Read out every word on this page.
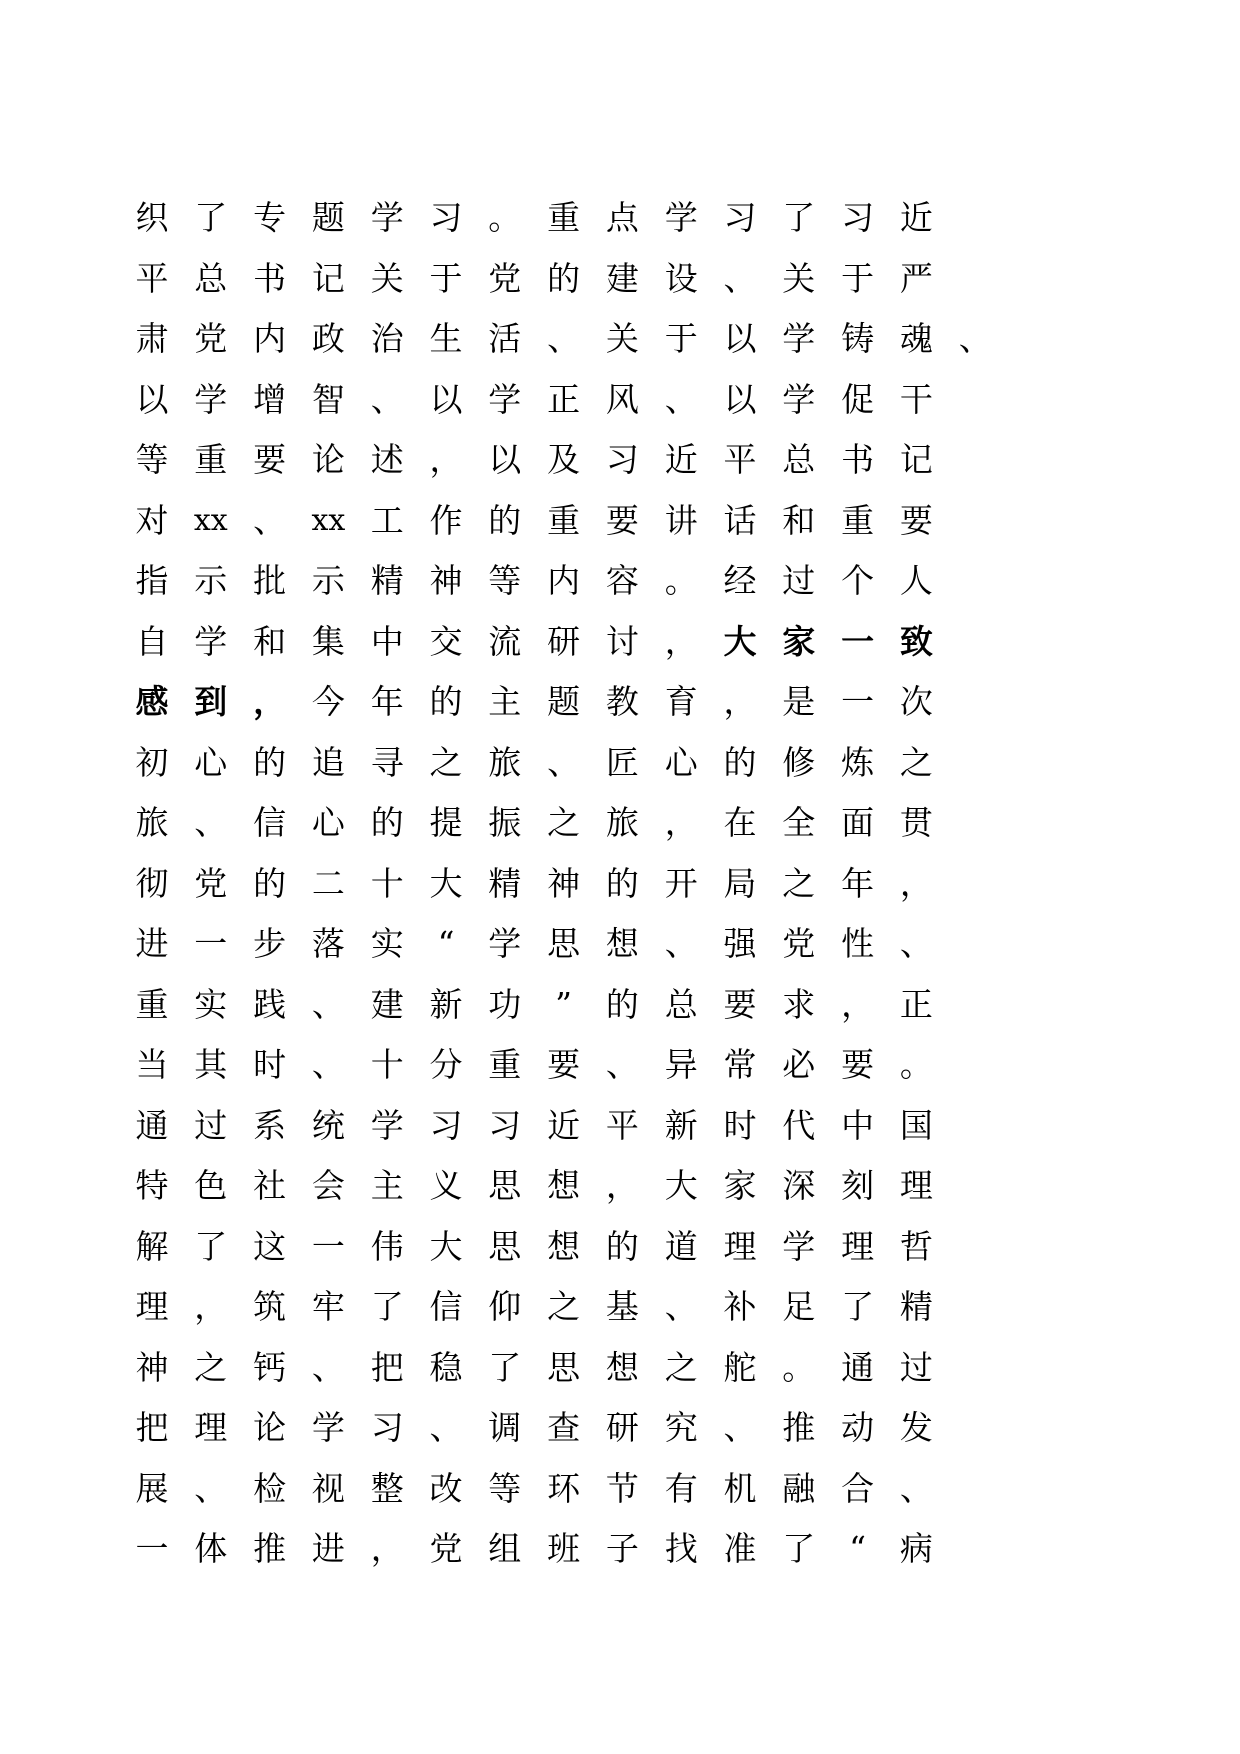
织 了 专 题 学 习 。 重 点 学 习 了 习 近
平 总 书 记 关 于 党 的 建 设 、 关 于 严
肃 党 内 政 治 生 活 、 关 于 以 学 铸 魂 、
以 学 增 智 、 以 学 正 风 、 以 学 促 干
等 重 要 论 述 ， 以 及 习 近 平 总 书 记
对 xx 、 xx 工 作 的 重 要 讲 话 和 重 要
指 示 批 示 精 神 等 内 容 。 经 过 个 人
自 学 和 集 中 交 流 研 讨 ， 大 家 一 致
感 到 ， 今 年 的 主 题 教 育 ， 是 一 次
初 心 的 追 寻 之 旅 、 匠 心 的 修 炼 之
旅 、 信 心 的 提 振 之 旅 ， 在 全 面 贯
彻 党 的 二 十 大 精 神 的 开 局 之 年 ，
进 一 步 落 实	“	学 思 想 、 强 党 性 、
重 实 践 、 建 新 功	”	的 总 要 求 ， 正
当 其 时 、 十 分 重 要 、 异 常 必 要 。
通 过 系 统 学 习 习 近 平 新 时 代 中 国
特 色 社 会 主 义 思 想 ， 大 家 深 刻 理
解 了 这 一 伟 大 思 想 的 道 理 学 理 哲
理 ， 筑 牢 了 信 仰 之 基 、 补 足 了 精
神 之 钙 、 把 稳 了 思 想 之 舵 。 通 过
把 理 论 学 习 、 调 查 研 究 、 推 动 发
展 、 检 视 整 改 等 环 节 有 机 融 合 、
一 体 推 进 ， 党 组 班 子 找 准 了	“	病
